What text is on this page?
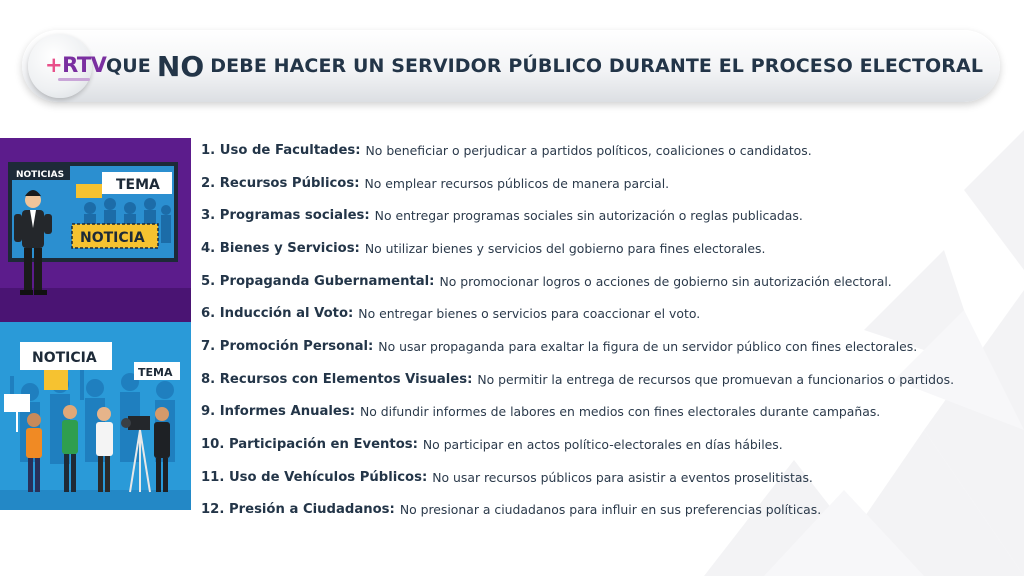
+RTV QUE NO DEBE HACER UN SERVIDOR PÚBLICO DURANTE EL PROCESO ELECTORAL
NOTICIAS
TEMA
NOTICIA
NOTICIA
TEMA
1. Uso de Facultades: No beneficiar o perjudicar a partidos políticos, coaliciones o candidatos.
2. Recursos Públicos: No emplear recursos públicos de manera parcial.
3. Programas sociales: No entregar programas sociales sin autorización o reglas publicadas.
4. Bienes y Servicios: No utilizar bienes y servicios del gobierno para fines electorales.
5. Propaganda Gubernamental: No promocionar logros o acciones de gobierno sin autorización electoral.
6. Inducción al Voto: No entregar bienes o servicios para coaccionar el voto.
7. Promoción Personal: No usar propaganda para exaltar la figura de un servidor público con fines electorales.
8. Recursos con Elementos Visuales: No permitir la entrega de recursos que promuevan a funcionarios o partidos.
9. Informes Anuales: No difundir informes de labores en medios con fines electorales durante campañas.
10. Participación en Eventos: No participar en actos político-electorales en días hábiles.
11. Uso de Vehículos Públicos: No usar recursos públicos para asistir a eventos proselitistas.
12. Presión a Ciudadanos: No presionar a ciudadanos para influir en sus preferencias políticas.
